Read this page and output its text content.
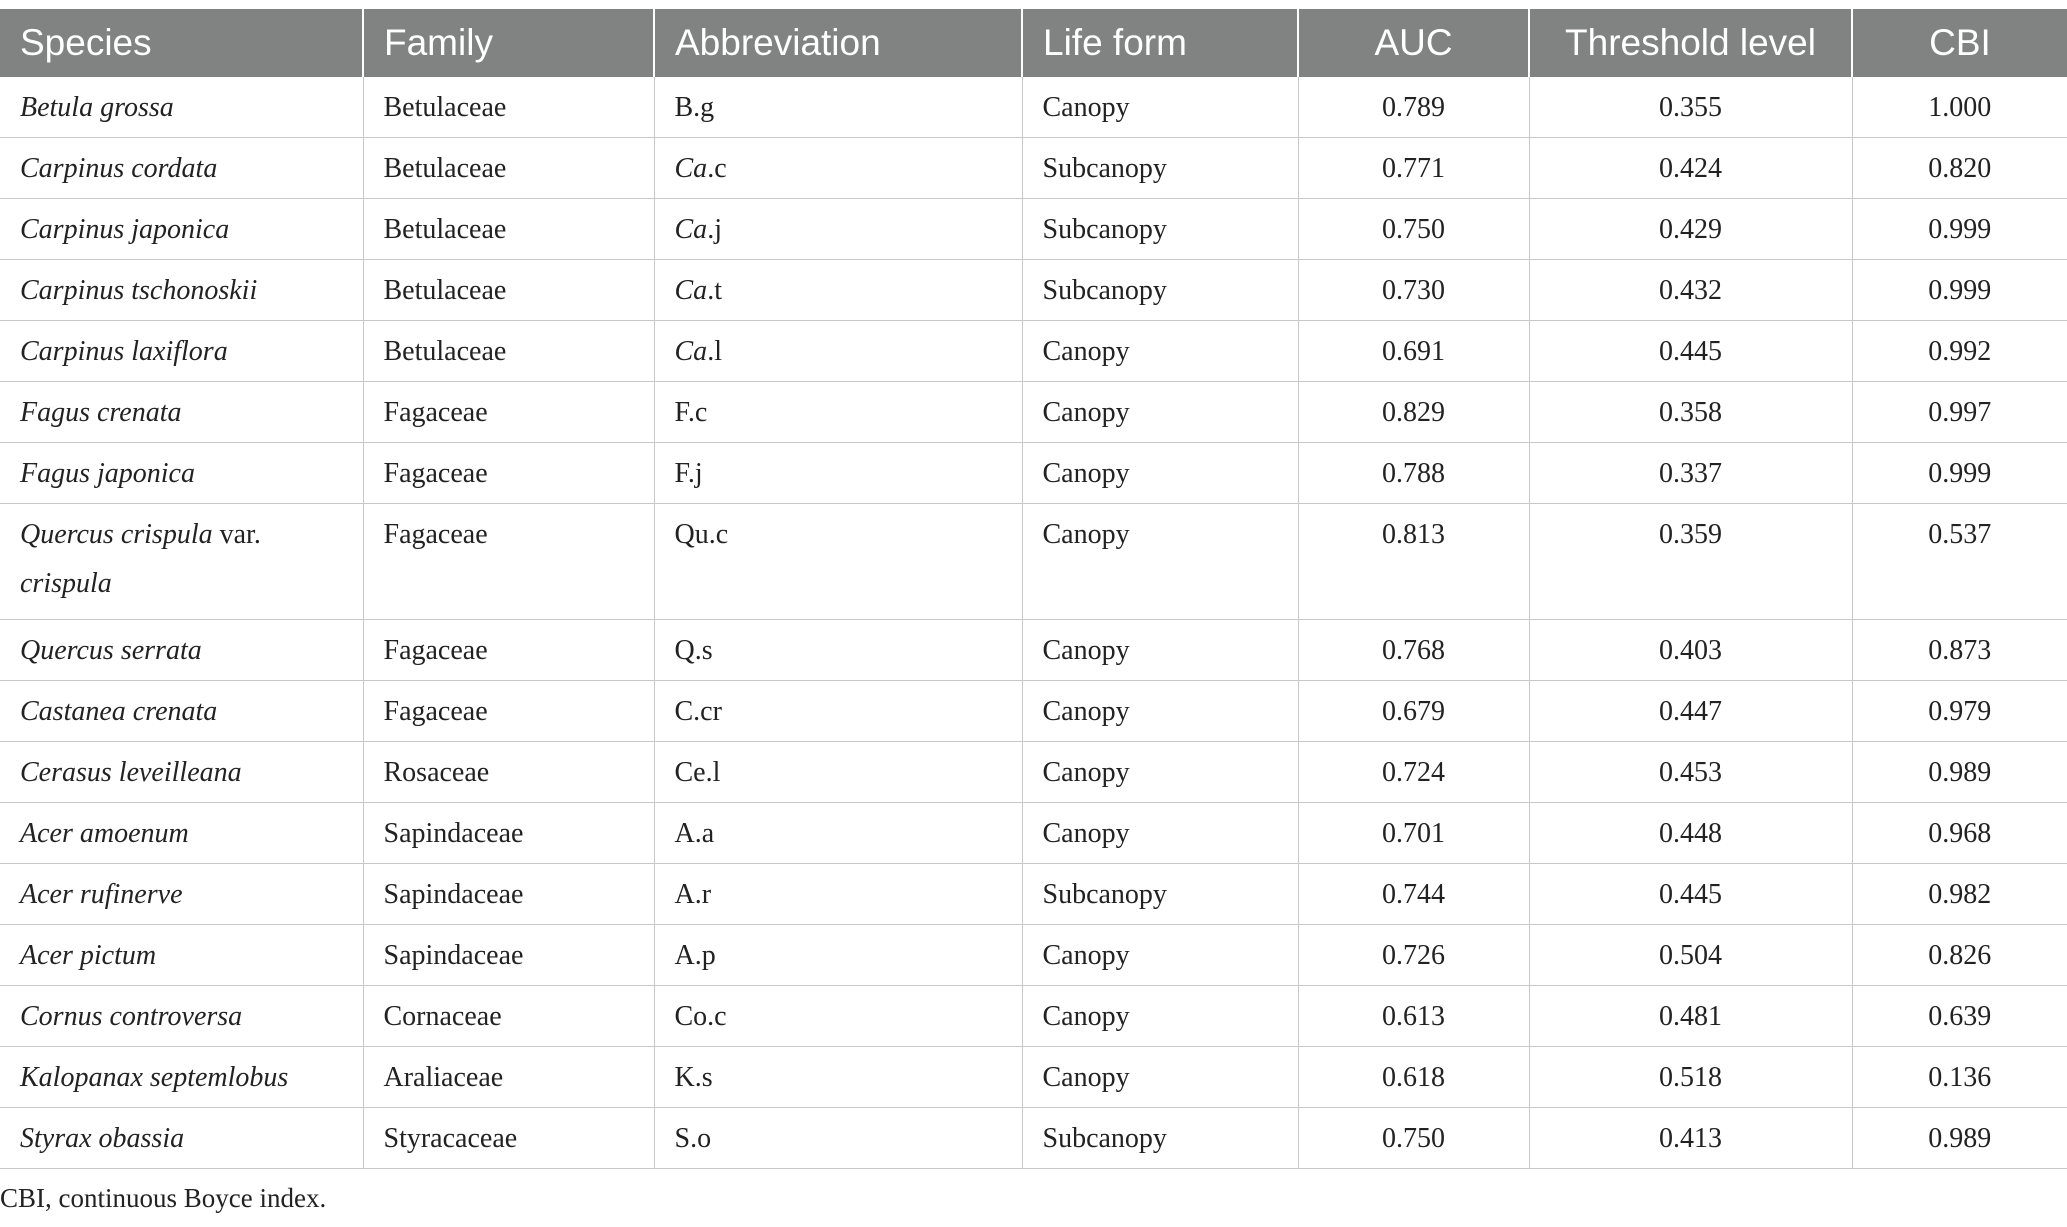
Species	Family	Abbreviation	Life form	AUC	Threshold level	CBI
Betula grossa	Betulaceae	B.g	Canopy	0.789	0.355	1.000
Carpinus cordata	Betulaceae	Ca.c	Subcanopy	0.771	0.424	0.820
Carpinus japonica	Betulaceae	Ca.j	Subcanopy	0.750	0.429	0.999
Carpinus tschonoskii	Betulaceae	Ca.t	Subcanopy	0.730	0.432	0.999
Carpinus laxiflora	Betulaceae	Ca.l	Canopy	0.691	0.445	0.992
Fagus crenata	Fagaceae	F.c	Canopy	0.829	0.358	0.997
Fagus japonica	Fagaceae	F.j	Canopy	0.788	0.337	0.999
Quercus crispula var.
crispula	Fagaceae	Qu.c	Canopy	0.813	0.359	0.537
Quercus serrata	Fagaceae	Q.s	Canopy	0.768	0.403	0.873
Castanea crenata	Fagaceae	C.cr	Canopy	0.679	0.447	0.979
Cerasus leveilleana	Rosaceae	Ce.l	Canopy	0.724	0.453	0.989
Acer amoenum	Sapindaceae	A.a	Canopy	0.701	0.448	0.968
Acer rufinerve	Sapindaceae	A.r	Subcanopy	0.744	0.445	0.982
Acer pictum	Sapindaceae	A.p	Canopy	0.726	0.504	0.826
Cornus controversa	Cornaceae	Co.c	Canopy	0.613	0.481	0.639
Kalopanax septemlobus	Araliaceae	K.s	Canopy	0.618	0.518	0.136
Styrax obassia	Styracaceae	S.o	Subcanopy	0.750	0.413	0.989
CBI, continuous Boyce index.
